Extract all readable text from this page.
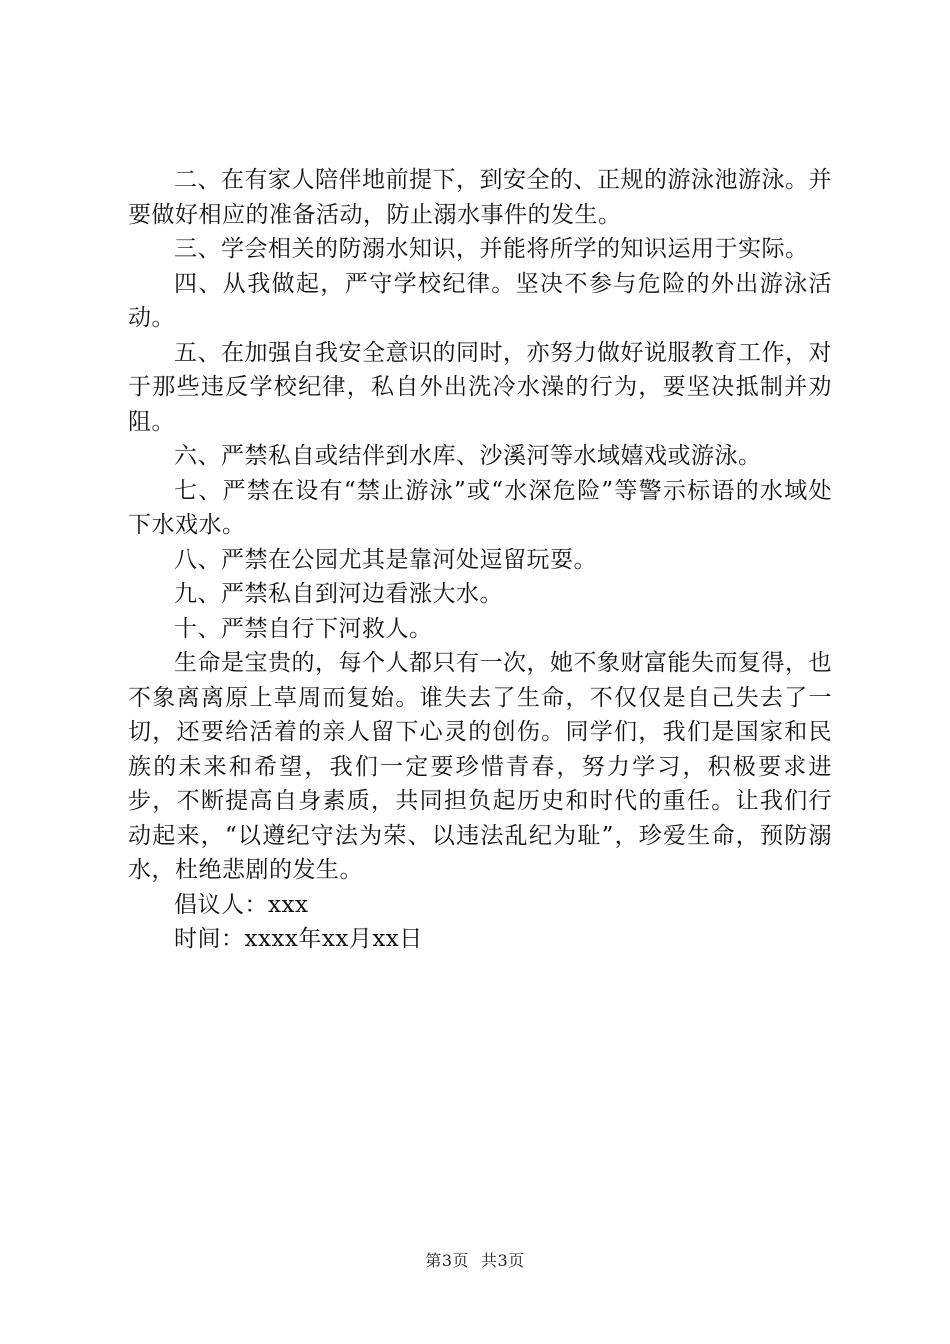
二、在有家人陪伴地前提下，到安全的、正规的游泳池游泳。并要做好相应的准备活动，防止溺水事件的发生。

三、学会相关的防溺水知识，并能将所学的知识运用于实际。

四、从我做起，严守学校纪律。坚决不参与危险的外出游泳活动。

五、在加强自我安全意识的同时，亦努力做好说服教育工作，对于那些违反学校纪律，私自外出洗冷水澡的行为，要坚决抵制并劝阻。

六、严禁私自或结伴到水库、沙溪河等水域嬉戏或游泳。

七、严禁在设有“禁止游泳”或“水深危险”等警示标语的水域处下水戏水。

八、严禁在公园尤其是靠河处逗留玩耍。

九、严禁私自到河边看涨大水。

十、严禁自行下河救人。

生命是宝贵的，每个人都只有一次，她不象财富能失而复得，也不象离离原上草周而复始。谁失去了生命，不仅仅是自己失去了一切，还要给活着的亲人留下心灵的创伤。同学们，我们是国家和民族的未来和希望，我们一定要珍惜青春，努力学习，积极要求进步，不断提高自身素质，共同担负起历史和时代的重任。让我们行动起来，“以遵纪守法为荣、以违法乱纪为耻”，珍爱生命，预防溺水，杜绝悲剧的发生。

倡议人：xxx

时间：xxxx年xx月xx日

第3页 共3页
